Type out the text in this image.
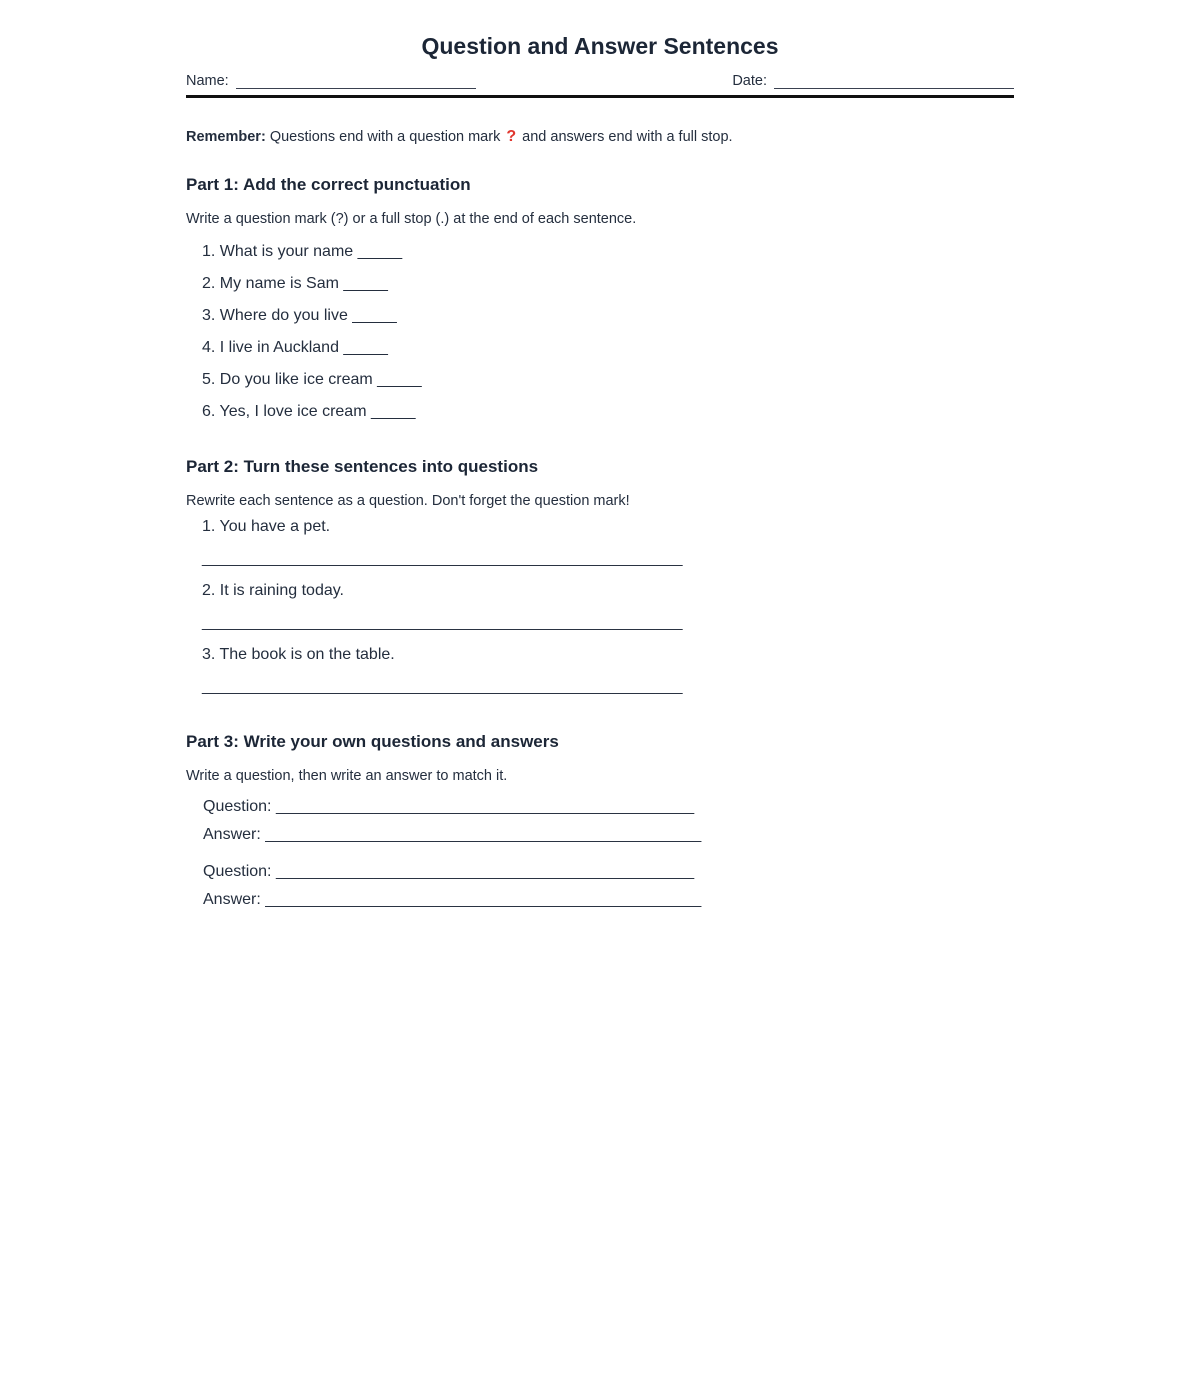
Question and Answer Sentences
Name:	Date:

Remember: Questions end with a question mark ? and answers end with a full stop.

Part 1: Add the correct punctuation

Write a question mark (?) or a full stop (.) at the end of each sentence.

1. What is your name _____
2. My name is Sam _____
3. Where do you live _____
4. I live in Auckland _____
5. Do you like ice cream _____
6. Yes, I love ice cream _____
Part 2: Turn these sentences into questions

Rewrite each sentence as a question. Don't forget the question mark!

1. You have a pet.

______________________________________________________

2. It is raining today.

______________________________________________________

3. The book is on the table.

______________________________________________________

Part 3: Write your own questions and answers

Write a question, then write an answer to match it.

Question: _______________________________________________

Answer: _________________________________________________

Question: _______________________________________________

Answer: _________________________________________________
